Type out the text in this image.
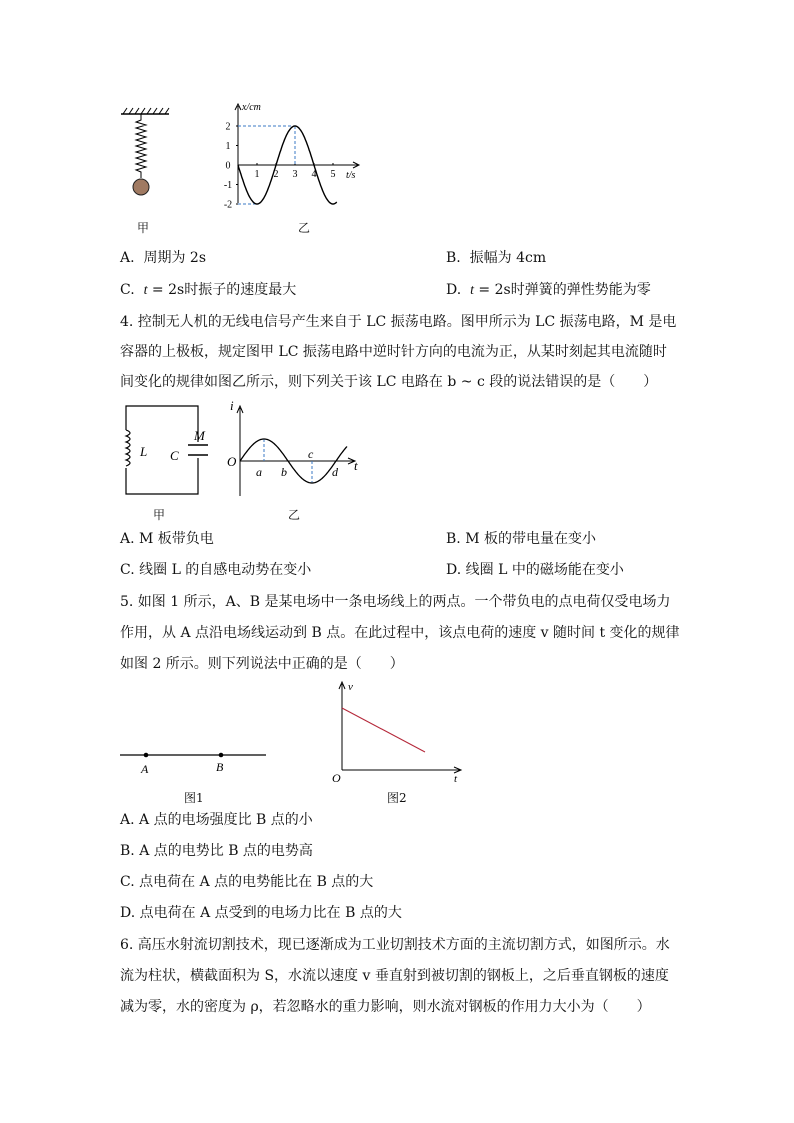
甲
2
1
0
-1
-2
1 2 3 4 5
x/cm
t/s
乙
A. 周期为 2s	B. 振幅为 4cm
C. t = 2s时振子的速度最大	D. t = 2s时弹簧的弹性势能为零
4. 控制无人机的无线电信号产生来自于 LC 振荡电路。图甲所示为 LC 振荡电路，M 是电
容器的上极板，规定图甲 LC 振荡电路中逆时针方向的电流为正，从某时刻起其电流随时
间变化的规律如图乙所示，则下列关于该 LC 电路在 b ~ c 段的说法错误的是（　　）
L C
M
甲
i
t
O
a b
c
d
乙
A. M 板带负电	B. M 板的带电量在变小
C. 线圈 L 的自感电动势在变小	D. 线圈 L 中的磁场能在变小
5. 如图 1 所示，A、B 是某电场中一条电场线上的两点。一个带负电的点电荷仅受电场力
作用，从 A 点沿电场线运动到 B 点。在此过程中，该点电荷的速度 v 随时间 t 变化的规律
如图 2 所示。则下列说法中正确的是（　　）
A	B
图1
v
t
O
图2
A. A 点的电场强度比 B 点的小
B. A 点的电势比 B 点的电势高
C. 点电荷在 A 点的电势能比在 B 点的大
D. 点电荷在 A 点受到的电场力比在 B 点的大
6. 高压水射流切割技术，现已逐渐成为工业切割技术方面的主流切割方式，如图所示。水
流为柱状，横截面积为 S，水流以速度 v 垂直射到被切割的钢板上，之后垂直钢板的速度
减为零，水的密度为 ρ，若忽略水的重力影响，则水流对钢板的作用力大小为（　　）
